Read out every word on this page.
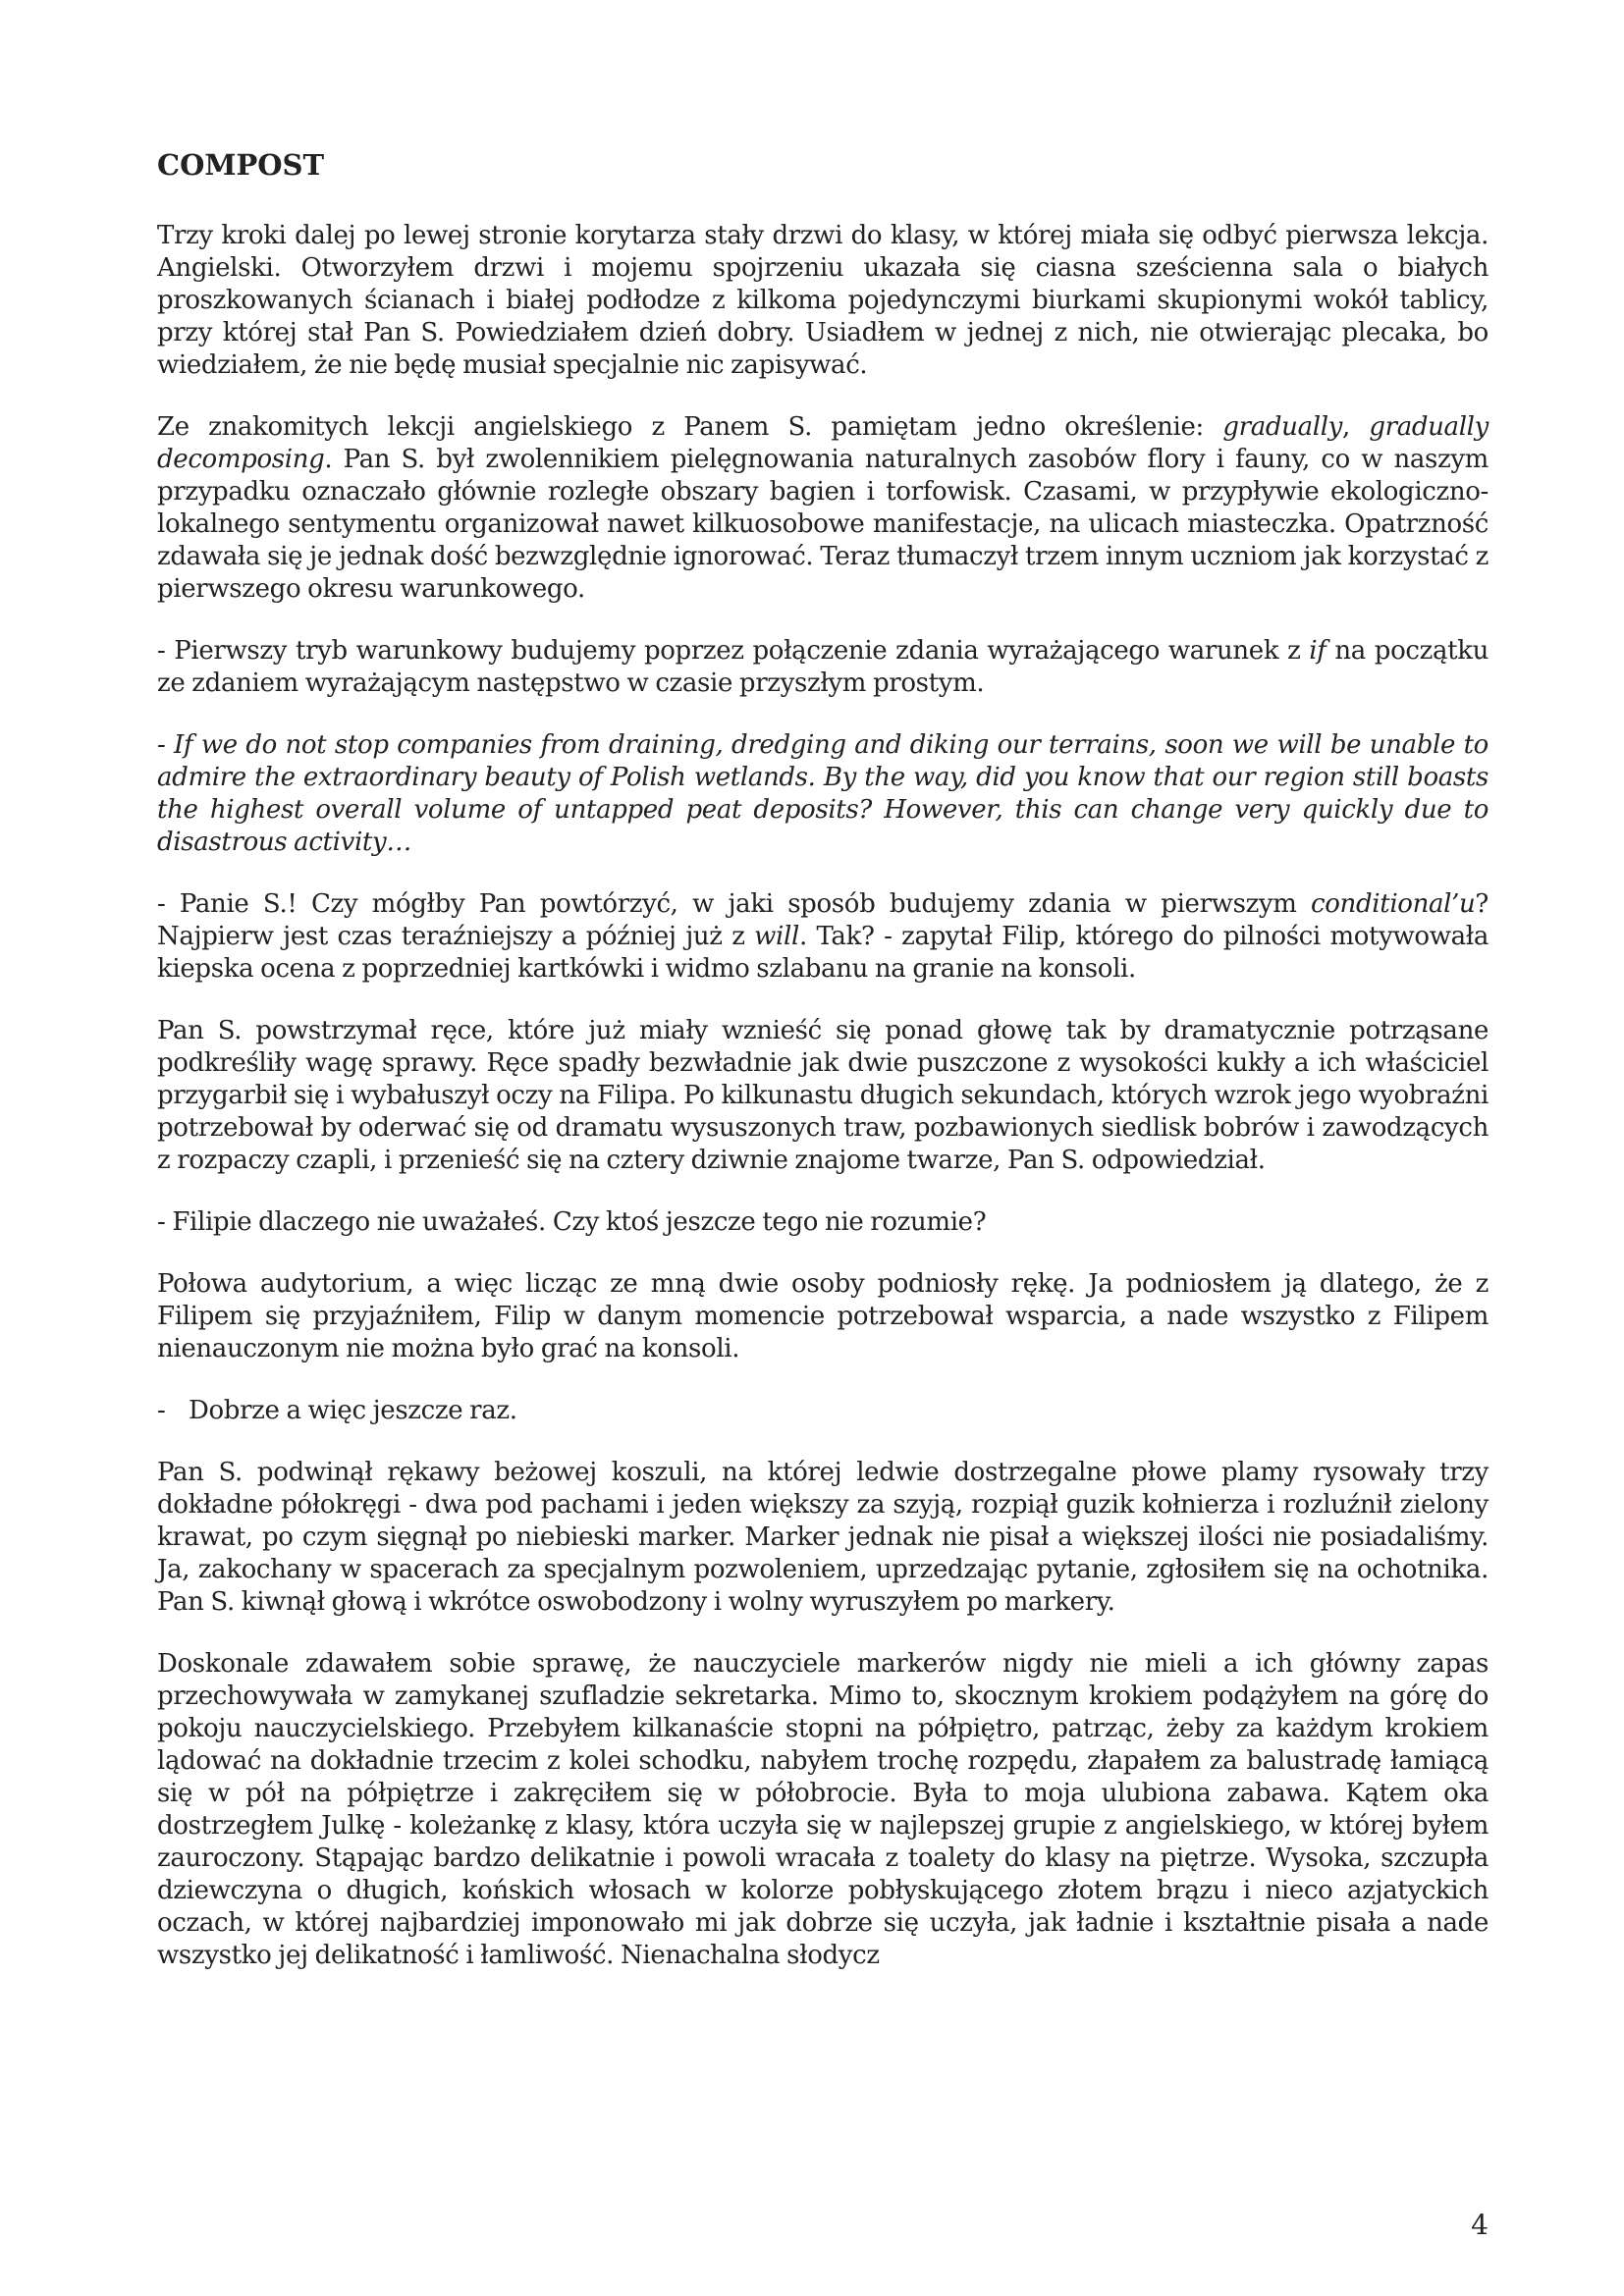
COMPOST
Trzy kroki dalej po lewej stronie korytarza stały drzwi do klasy, w której miała się odbyć pierwsza lekcja. Angielski. Otworzyłem drzwi i mojemu spojrzeniu ukazała się ciasna sześcienna sala o białych proszkowanych ścianach i białej podłodze z kilkoma pojedynczymi biurkami skupionymi wokół tablicy, przy której stał Pan S. Powiedziałem dzień dobry. Usiadłem w jednej z nich, nie otwierając plecaka, bo wiedziałem, że nie będę musiał specjalnie nic zapisywać.
Ze znakomitych lekcji angielskiego z Panem S. pamiętam jedno określenie: gradually, gradually decomposing. Pan S. był zwolennikiem pielęgnowania naturalnych zasobów flory i fauny, co w naszym przypadku oznaczało głównie rozległe obszary bagien i torfowisk. Czasami, w przypływie ekologiczno-lokalnego sentymentu organizował nawet kilkuosobowe manifestacje, na ulicach miasteczka. Opatrzność zdawała się je jednak dość bezwzględnie ignorować. Teraz tłumaczył trzem innym uczniom jak korzystać z pierwszego okresu warunkowego.
- Pierwszy tryb warunkowy budujemy poprzez połączenie zdania wyrażającego warunek z if na początku ze zdaniem wyrażającym następstwo w czasie przyszłym prostym.
- If we do not stop companies from draining, dredging and diking our terrains, soon we will be unable to admire the extraordinary beauty of Polish wetlands. By the way, did you know that our region still boasts the highest overall volume of untapped peat deposits? However, this can change very quickly due to disastrous activity…
- Panie S.! Czy mógłby Pan powtórzyć, w jaki sposób budujemy zdania w pierwszym conditional’u? Najpierw jest czas teraźniejszy a później już z will. Tak? - zapytał Filip, którego do pilności motywowała kiepska ocena z poprzedniej kartkówki i widmo szlabanu na granie na konsoli.
Pan S. powstrzymał ręce, które już miały wznieść się ponad głowę tak by dramatycznie potrząsane podkreśliły wagę sprawy. Ręce spadły bezwładnie jak dwie puszczone z wysokości kukły a ich właściciel przygarbił się i wybałuszył oczy na Filipa. Po kilkunastu długich sekundach, których wzrok jego wyobraźni potrzebował by oderwać się od dramatu wysuszonych traw, pozbawionych siedlisk bobrów i zawodzących z rozpaczy czapli, i przenieść się na cztery dziwnie znajome twarze, Pan S. odpowiedział.
- Filipie dlaczego nie uważałeś. Czy ktoś jeszcze tego nie rozumie?
Połowa audytorium, a więc licząc ze mną dwie osoby podniosły rękę. Ja podniosłem ją dlatego, że z Filipem się przyjaźniłem, Filip w danym momencie potrzebował wsparcia, a nade wszystko z Filipem nienauczonym nie można było grać na konsoli.
- Dobrze a więc jeszcze raz.
Pan S. podwinął rękawy beżowej koszuli, na której ledwie dostrzegalne płowe plamy rysowały trzy dokładne półokręgi - dwa pod pachami i jeden większy za szyją, rozpiął guzik kołnierza i rozluźnił zielony krawat, po czym sięgnął po niebieski marker. Marker jednak nie pisał a większej ilości nie posiadaliśmy. Ja, zakochany w spacerach za specjalnym pozwoleniem, uprzedzając pytanie, zgłosiłem się na ochotnika. Pan S. kiwnął głową i wkrótce oswobodzony i wolny wyruszyłem po markery.
Doskonale zdawałem sobie sprawę, że nauczyciele markerów nigdy nie mieli a ich główny zapas przechowywała w zamykanej szufladzie sekretarka. Mimo to, skocznym krokiem podążyłem na górę do pokoju nauczycielskiego. Przebyłem kilkanaście stopni na półpiętro, patrząc, żeby za każdym krokiem lądować na dokładnie trzecim z kolei schodku, nabyłem trochę rozpędu, złapałem za balustradę łamiącą się w pół na półpiętrze i zakręciłem się w półobrocie. Była to moja ulubiona zabawa. Kątem oka dostrzegłem Julkę - koleżankę z klasy, która uczyła się w najlepszej grupie z angielskiego, w której byłem zauroczony. Stąpając bardzo delikatnie i powoli wracała z toalety do klasy na piętrze. Wysoka, szczupła dziewczyna o długich, końskich włosach w kolorze pobłyskującego złotem brązu i nieco azjatyckich oczach, w której najbardziej imponowało mi jak dobrze się uczyła, jak ładnie i kształtnie pisała a nade wszystko jej delikatność i łamliwość. Nienachalna słodycz
4
